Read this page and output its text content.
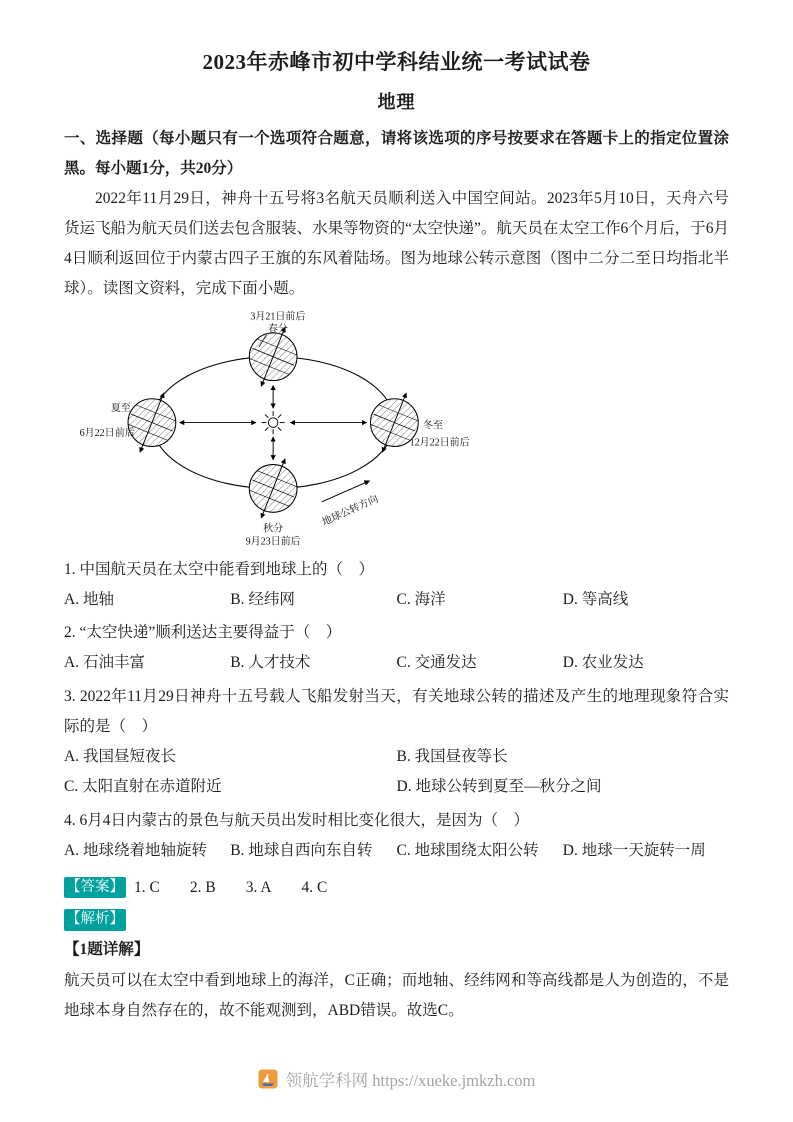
2023年赤峰市初中学科结业统一考试试卷
地理

一、选择题（每小题只有一个选项符合题意，请将该选项的序号按要求在答题卡上的指定位置涂黑。每小题1分，共20分）

2022年11月29日，神舟十五号将3名航天员顺利送入中国空间站。2023年5月10日，天舟六号货运飞船为航天员们送去包含服装、水果等物资的“太空快递”。航天员在太空工作6个月后，于6月4日顺利返回位于内蒙古四子王旗的东风着陆场。图为地球公转示意图（图中二分二至日均指北半球）。读图文资料，完成下面小题。

3月21日前后
春分
夏至
6月22日前后
冬至
12月22日前后
秋分
9月23日前后
地球公转方向

1. 中国航天员在太空中能看到地球上的（　）

A. 地轴	B. 经纬网	C. 海洋	D. 等高线

2. “太空快递”顺利送达主要得益于（　）

A. 石油丰富	B. 人才技术	C. 交通发达	D. 农业发达

3. 2022年11月29日神舟十五号载人飞船发射当天，有关地球公转的描述及产生的地理现象符合实际的是（　）

A. 我国昼短夜长	B. 我国昼夜等长
C. 太阳直射在赤道附近	D. 地球公转到夏至—秋分之间

4. 6月4日内蒙古的景色与航天员出发时相比变化很大，是因为（　）

A. 地球绕着地轴旋转	B. 地球自西向东自转	C. 地球围绕太阳公转	D. 地球一天旋转一周
【答案】 1. C 2. B 3. A 4. C
【解析】

【1题详解】

航天员可以在太空中看到地球上的海洋，C正确；而地轴、经纬网和等高线都是人为创造的，不是地球本身自然存在的，故不能观测到，ABD错误。故选C。

领航学科网 https://xueke.jmkzh.com
